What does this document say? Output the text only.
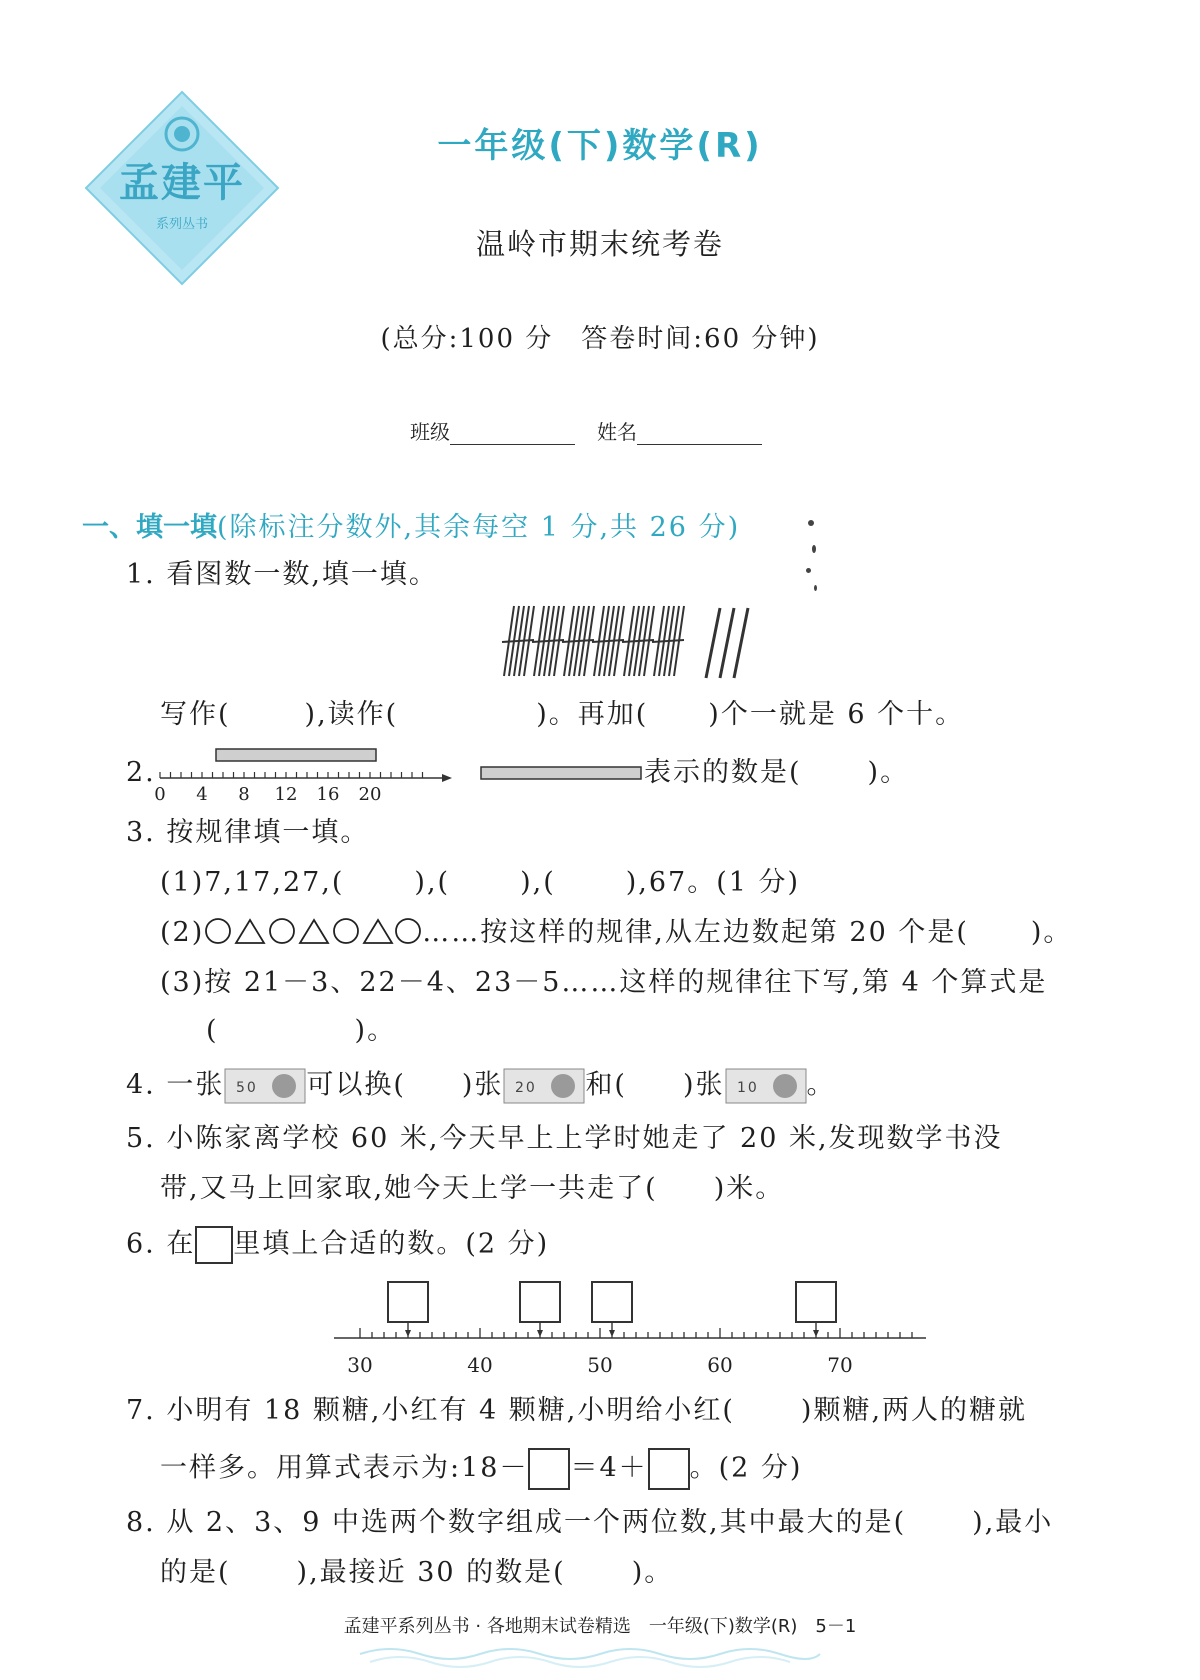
孟建平
系列丛书
一年级(下)数学(R)
温岭市期末统考卷
(总分:100 分　答卷时间:60 分钟)
班级	姓名
一、填一填(除标注分数外,其余每空 1 分,共 26 分)
1. 看图数一数,填一填。
写作(	),读作(	)。再加( )个一就是 6 个十。
2.
0 4 8 12 16 20
表示的数是( )。
3. 按规律填一填。
(1)7,17,27,(	),(	),(	),67。(1 分)
(2)	……按这样的规律,从左边数起第 20 个是( )。
(3)按 21－3、22－4、23－5……这样的规律往下写,第 4 个算式是
(	)。
4. 一张 50 可以换( )张 20 和( )张 10 。
5. 小陈家离学校 60 米,今天早上上学时她走了 20 米,发现数学书没
带,又马上回家取,她今天上学一共走了( )米。
6. 在 里填上合适的数。(2 分)
30	40	50	60	70
7. 小明有 18 颗糖,小红有 4 颗糖,小明给小红( )颗糖,两人的糖就
一样多。用算式表示为:18－ ＝4＋ 。(2 分)
8. 从 2、3、9 中选两个数字组成一个两位数,其中最大的是( ),最小
的是( ),最接近 30 的数是( )。
孟建平系列丛书 · 各地期末试卷精选　一年级(下)数学(R)　5－1
